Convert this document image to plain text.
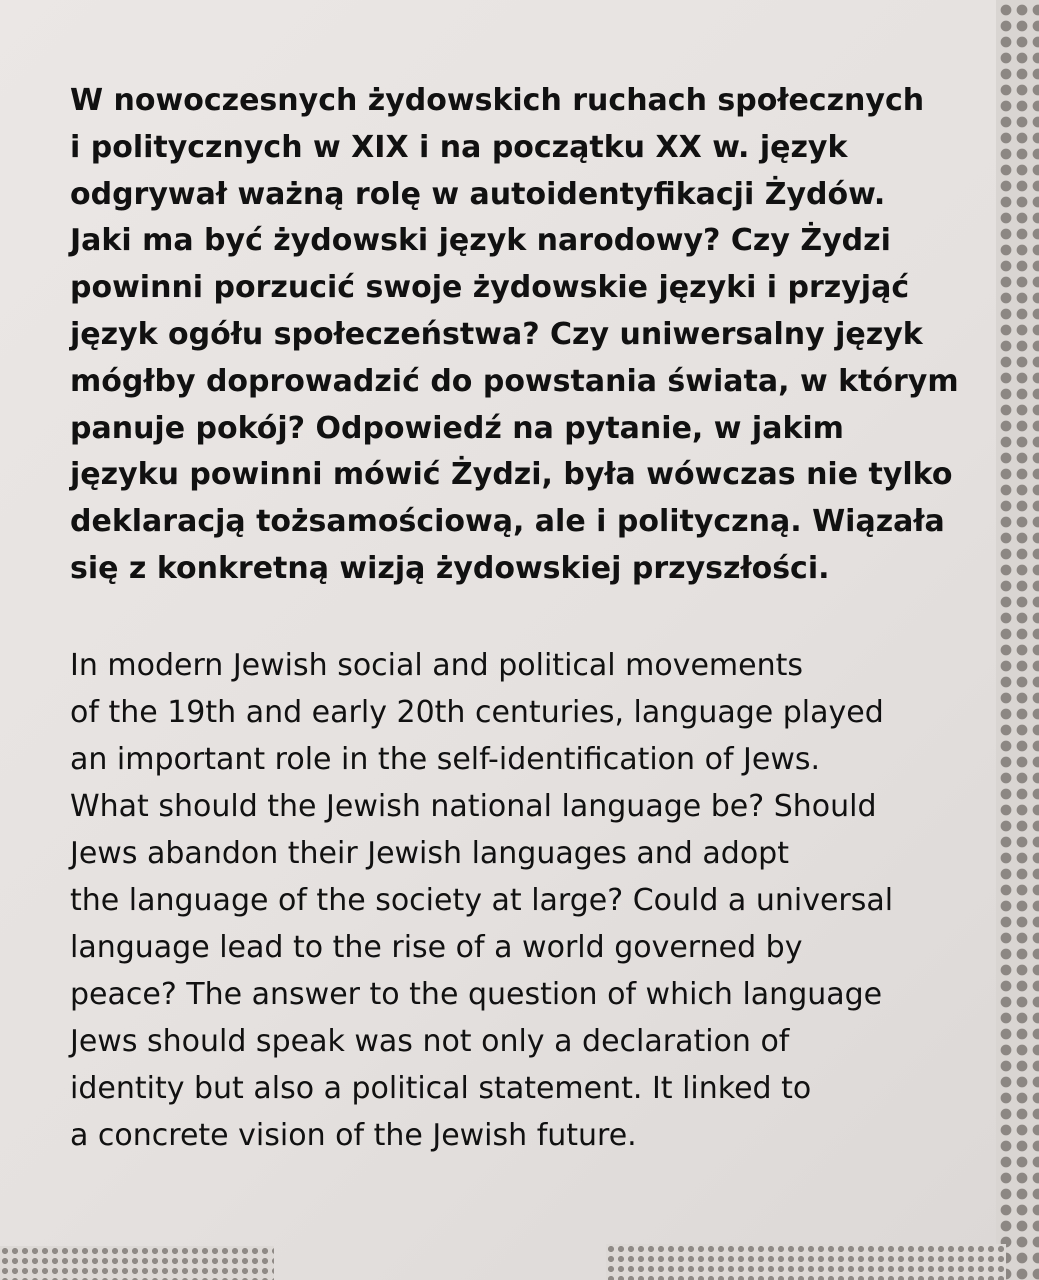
W nowoczesnych żydowskich ruchach społecznych
i politycznych w XIX i na początku XX w. język
odgrywał ważną rolę w autoidentyfikacji Żydów.
Jaki ma być żydowski język narodowy? Czy Żydzi
powinni porzucić swoje żydowskie języki i przyjąć
język ogółu społeczeństwa? Czy uniwersalny język
mógłby doprowadzić do powstania świata, w którym
panuje pokój? Odpowiedź na pytanie, w jakim
języku powinni mówić Żydzi, była wówczas nie tylko
deklaracją tożsamościową, ale i polityczną. Wiązała
się z konkretną wizją żydowskiej przyszłości.
In modern Jewish social and political movements
of the 19th and early 20th centuries, language played
an important role in the self-identification of Jews.
What should the Jewish national language be? Should
Jews abandon their Jewish languages and adopt
the language of the society at large? Could a universal
language lead to the rise of a world governed by
peace? The answer to the question of which language
Jews should speak was not only a declaration of
identity but also a political statement. It linked to
a concrete vision of the Jewish future.
